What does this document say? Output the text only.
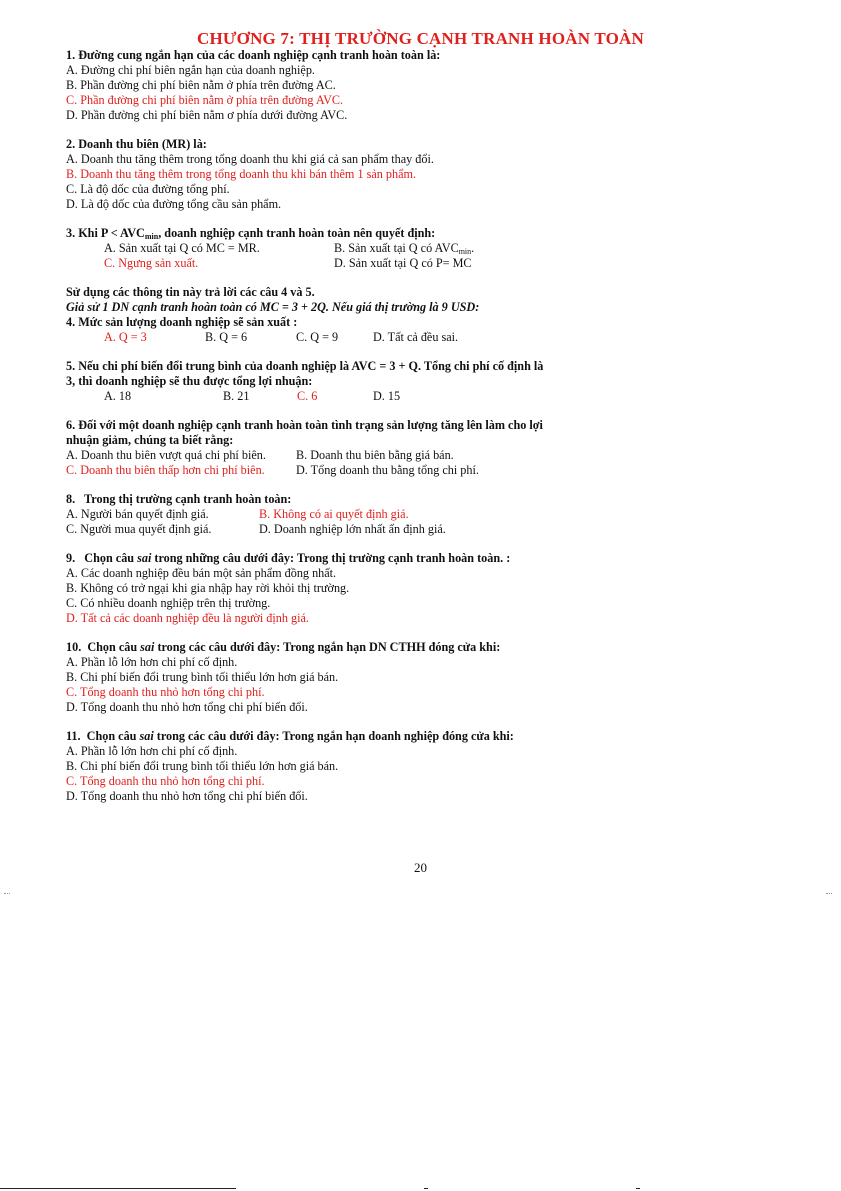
CHƯƠNG 7: THỊ TRƯỜNG CẠNH TRANH HOÀN TOÀN
1. Đường cung ngắn hạn của các doanh nghiệp cạnh tranh hoàn toàn là:
A. Đường chi phí biên ngắn hạn của doanh nghiệp.
B. Phần đường chi phí biên nằm ở phía trên đường AC.
C. Phần đường chi phí biên nằm ở phía trên đường AVC.
D. Phần đường chi phí biên nằm ơ phía dưới đường AVC.
2. Doanh thu biên (MR) là:
A. Doanh thu tăng thêm trong tổng doanh thu khi giá cả san phẩm thay đổi.
B. Doanh thu tăng thêm trong tổng doanh thu khi bán thêm 1 sản phẩm.
C. Là độ dốc của đường tổng phí.
D. Là độ dốc của đường tổng cầu sản phẩm.
3. Khi $P < AVC_{min}$, doanh nghiệp cạnh tranh hoàn toàn nên quyết định:
A. Sản xuất tại Q có MC = MR.	B. Sản xuất tại Q có $AVC_{min}$.
C. Ngưng sản xuất.	D. Sản xuất tại Q có P= MC
Sử dụng các thông tin này trả lời các câu 4 và 5.
Giả sử 1 DN cạnh tranh hoàn toàn có MC = 3 + 2Q. Nếu giá thị trường là 9 USD:
4. Mức sản lượng doanh nghiệp sẽ sản xuất :
A. Q = 3	B. Q = 6	C. Q = 9	D. Tất cả đều sai.
5. Nếu chi phí biến đổi trung bình của doanh nghiệp là AVC = 3 + Q. Tổng chi phí cố định là
3, thì doanh nghiệp sẽ thu được tổng lợi nhuận:
A. 18	B. 21	C. 6	D. 15
6. Đối với một doanh nghiệp cạnh tranh hoàn toàn tình trạng sản lượng tăng lên làm cho lợi
nhuận giảm, chúng ta biết rằng:
A. Doanh thu biên vượt quá chi phí biên. B. Doanh thu biên bằng giá bán.
C. Doanh thu biên thấp hơn chi phí biên.	D. Tổng doanh thu bằng tổng chi phí.
8.   Trong thị trường cạnh tranh hoàn toàn:
A. Người bán quyết định giá.	B. Không có ai quyết định giá.
C. Người mua quyết định giá.	D. Doanh nghiệp lớn nhất ấn định giá.
9.   Chọn câu sai trong những câu dưới đây: Trong thị trường cạnh tranh hoàn toàn. :
A. Các doanh nghiệp đều bán một sản phẩm đồng nhất.
B. Không có trở ngại khi gia nhập hay rời khỏi thị trường.
C. Có nhiều doanh nghiệp trên thị trường.
D. Tất cả các doanh nghiệp đều là người định giá.
10.  Chọn câu sai trong các câu dưới đây: Trong ngắn hạn DN CTHH đóng cửa khi:
A. Phần lỗ lớn hơn chi phí cố định.
B. Chi phí biến đổi trung bình tối thiểu lớn hơn giá bán.
C. Tổng doanh thu nhỏ hơn tổng chi phí.
D. Tổng doanh thu nhỏ hơn tổng chi phí biến đổi.
11.  Chọn câu sai trong các câu dưới đây: Trong ngắn hạn doanh nghiệp đóng cửa khi:
A. Phần lỗ lớn hơn chi phí cố định.
B. Chi phí biến đổi trung bình tối thiểu lớn hơn giá bán.
C. Tổng doanh thu nhỏ hơn tổng chi phí.
D. Tổng doanh thu nhỏ hơn tổng chi phí biến đổi.
20
